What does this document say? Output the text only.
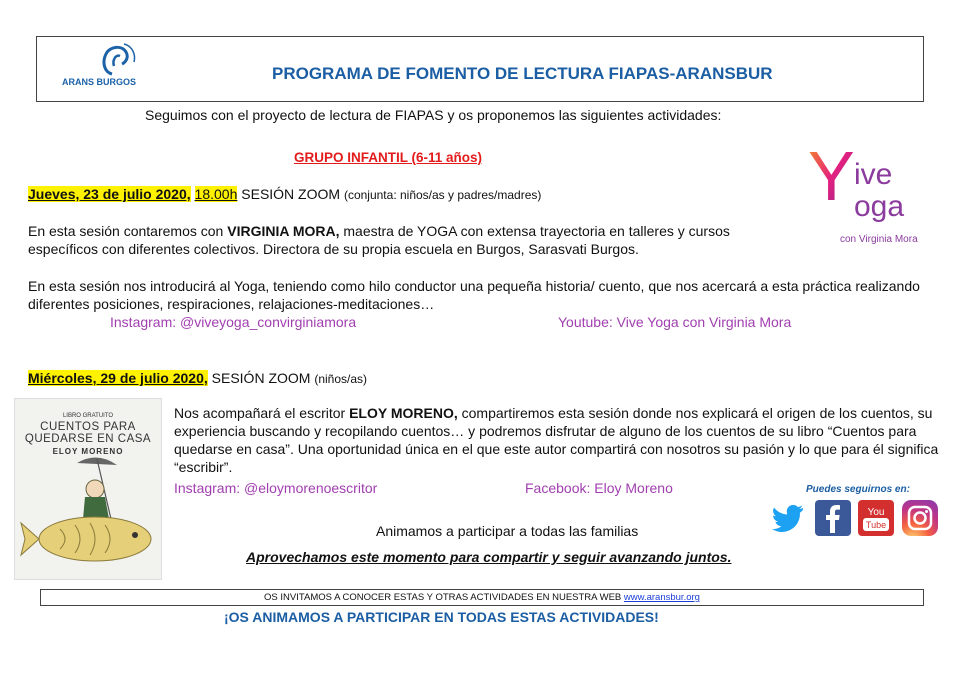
ARANS BURGOS	PROGRAMA DE FOMENTO DE LECTURA FIAPAS-ARANSBUR
Seguimos con el proyecto de lectura de FIAPAS y os proponemos las siguientes actividades:
GRUPO INFANTIL (6-11 años)	Y ive
oga
con Virginia Mora
Jueves, 23 de julio 2020, 18.00h SESIÓN ZOOM (conjunta: niños/as y padres/madres)
En esta sesión contaremos con VIRGINIA MORA, maestra de YOGA con extensa trayectoria en talleres y cursos específicos con diferentes colectivos. Directora de su propia escuela en Burgos, Sarasvati Burgos.
En esta sesión nos introducirá al Yoga, teniendo como hilo conductor una pequeña historia/ cuento, que nos acercará a esta práctica realizando diferentes posiciones, respiraciones, relajaciones-meditaciones…
Instagram: @viveyoga_convirginiamora	Youtube: Vive Yoga con Virginia Mora
Miércoles, 29 de julio 2020, SESIÓN ZOOM (niños/as)
LIBRO GRATUITO
CUENTOS PARA
QUEDARSE EN CASA
ELOY MORENO
Nos acompañará el escritor ELOY MORENO, compartiremos esta sesión donde nos explicará el origen de los cuentos, su experiencia buscando y recopilando cuentos… y podremos disfrutar de alguno de los cuentos de su libro “Cuentos para quedarse en casa”. Una oportunidad única en el que este autor compartirá con nosotros su pasión y lo que para él significa “escribir”.
Instagram: @eloymorenoescritor	Facebook: Eloy Moreno	Puedes seguirnos en:
You
Tube
Animamos a participar a todas las familias
Aprovechamos este momento para compartir y seguir avanzando juntos.
OS INVITAMOS A CONOCER ESTAS Y OTRAS ACTIVIDADES EN NUESTRA WEB www.aransbur.org
¡OS ANIMAMOS A PARTICIPAR EN TODAS ESTAS ACTIVIDADES!
